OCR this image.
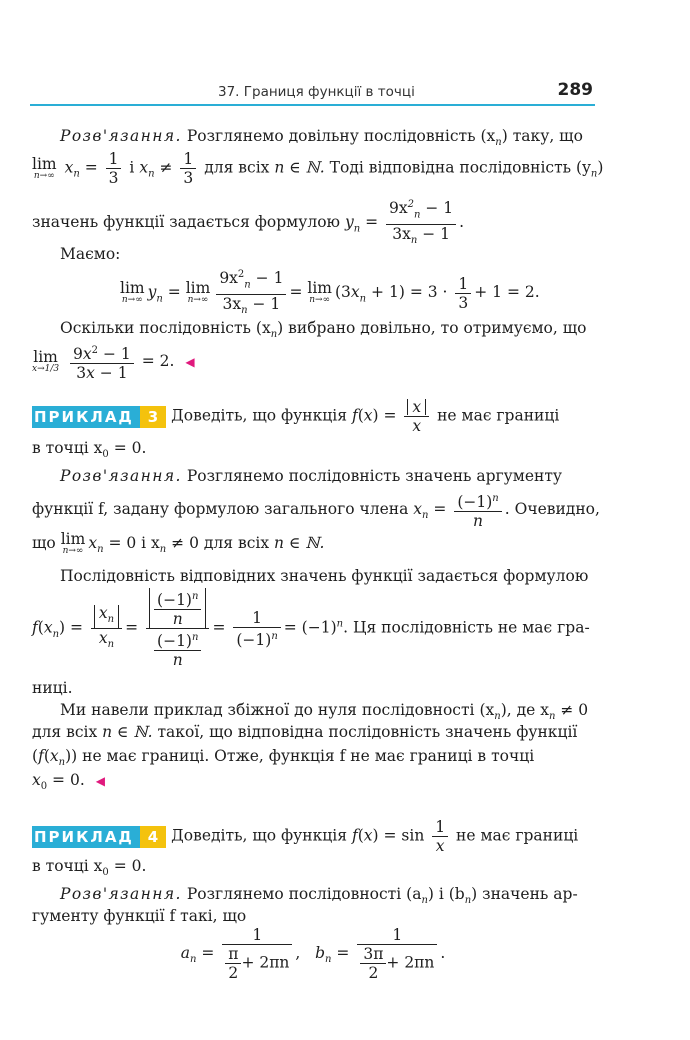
37. Границя функції в точці	289
Розв'язання. Розглянемо довільну послідовність $(x_n)$ таку, що
lim
n→∞ $x_n = \frac{1}{3}$ і $x_n \ne \frac{1}{3}$ для всіх n ∈ ℕ. Тоді відповідна послідовність $(y_n)$
значень функції задається формулою $y_n = \frac{9x^2_n - 1}{3x_n - 1}$ .
Маємо:
lim
n→∞ $y_n = \lim$
$n\to\infty \frac{9x^2_n - 1}{3x_n - 1} = \lim$
n→∞ $(3x_n + 1) = 3 \cdot \frac{1}{3} + 1 = 2$.
Оскільки послідовність $(x_n)$ вибрано довільно, то отримуємо, що
lim
x→1/3
$\frac{9x^2 - 1}{3x - 1} = 2$. ◀
ПРИКЛАД 3 Доведіть, що функція $f(x) = \frac{x}{x}$ не має границі
в точці $x_0 = 0$.
Розв'язання. Розглянемо послідовність значень аргументу
функції f, задану формулою загального члена $x_n = \frac{(-1)^n}{n}$ . Очевидно,
що lim
n→∞ $x_n = 0$ і $x_n \ne 0$ для всіх n ∈ ℕ.
Послідовність відповідних значень функції задається формулою
$f(x_n) = \frac{x_n}{x_n} = \frac{\frac{(-1)^n}{n}}{\frac{(-1)^n}{n}} = \frac{1}{(-1)^n} = (-1)^n$. Ця послідовність не має гра-
ниці.
Ми навели приклад збіжної до нуля послідовності $(x_n)$, де $x_n \ne 0$
для всіх n ∈ ℕ. такої, що відповідна послідовність значень функції
$(f(x_n))$ не має границі. Отже, функція f не має границі в точці
$x_0 = 0$. ◀
ПРИКЛАД 4 Доведіть, що функція $f(x) = \sin \frac{1}{x}$ не має границі
в точці $x_0 = 0$.
Розв'язання. Розглянемо послідовності $(a_n)$ і $(b_n)$ значень ар-
гументу функції f такі, що
$a_n = \frac{1}{\frac{\pi}{2} + 2\pi n}$ ,   $b_n = \frac{1}{\frac{3\pi}{2} + 2\pi n}$ .
